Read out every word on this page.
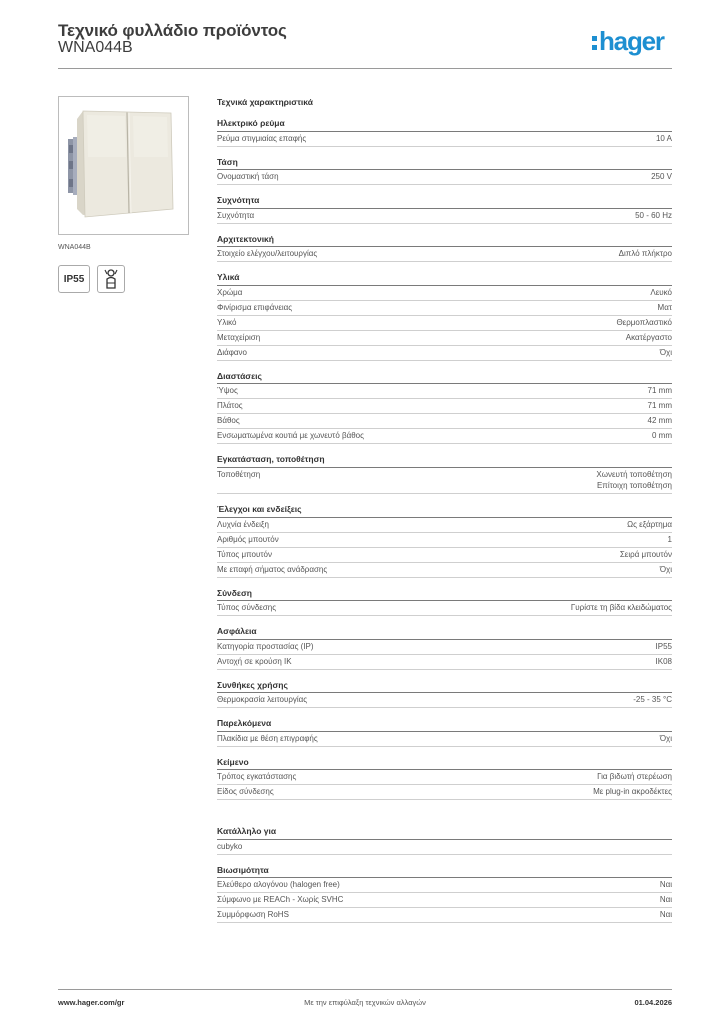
Τεχνικό φυλλάδιο προϊόντος
WNA044B	hager
WNA044B
IP55
Τεχνικά χαρακτηριστικά
Ηλεκτρικό ρεύμα
Ρεύμα στιγμιαίας επαφής	10 A
Τάση
Ονομαστική τάση	250 V
Συχνότητα
Συχνότητα	50 - 60 Hz
Αρχιτεκτονική
Στοιχείο ελέγχου/λειτουργίας	Διπλό πλήκτρο
Υλικά
Χρώμα	Λευκό
Φινίρισμα επιφάνειας	Ματ
Υλικό	Θερμοπλαστικό
Μεταχείριση	Ακατέργαστο
Διάφανο	Όχι
Διαστάσεις
Ύψος	71 mm
Πλάτος	71 mm
Βάθος	42 mm
Ενσωματωμένα κουτιά με χωνευτό βάθος	0 mm
Εγκατάσταση, τοποθέτηση
Τοποθέτηση	Χωνευτή τοποθέτηση
Επίτοιχη τοποθέτηση
Έλεγχοι και ενδείξεις
Λυχνία ένδειξη	Ως εξάρτημα
Αριθμός μπουτόν	1
Τύπος μπουτόν	Σειρά μπουτόν
Με επαφή σήματος ανάδρασης	Όχι
Σύνδεση
Τύπος σύνδεσης	Γυρίστε τη βίδα κλειδώματος
Ασφάλεια
Κατηγορία προστασίας (IP)	IP55
Αντοχή σε κρούση IK	IK08
Συνθήκες χρήσης
Θερμοκρασία λειτουργίας	-25 - 35 °C
Παρελκόμενα
Πλακίδια με θέση επιγραφής	Όχι
Κείμενο
Τρόπος εγκατάστασης	Για βιδωτή στερέωση
Είδος σύνδεσης	Με plug-in ακροδέκτες
Κατάλληλο για
cubyko
Βιωσιμότητα
Ελεύθερο αλογόνου (halogen free)	Ναι
Σύμφωνο με REACh - Χωρίς SVHC	Ναι
Συμμόρφωση RoHS	Ναι
Με την επιφύλαξη τεχνικών αλλαγών
www.hager.com/gr	01.04.2026
